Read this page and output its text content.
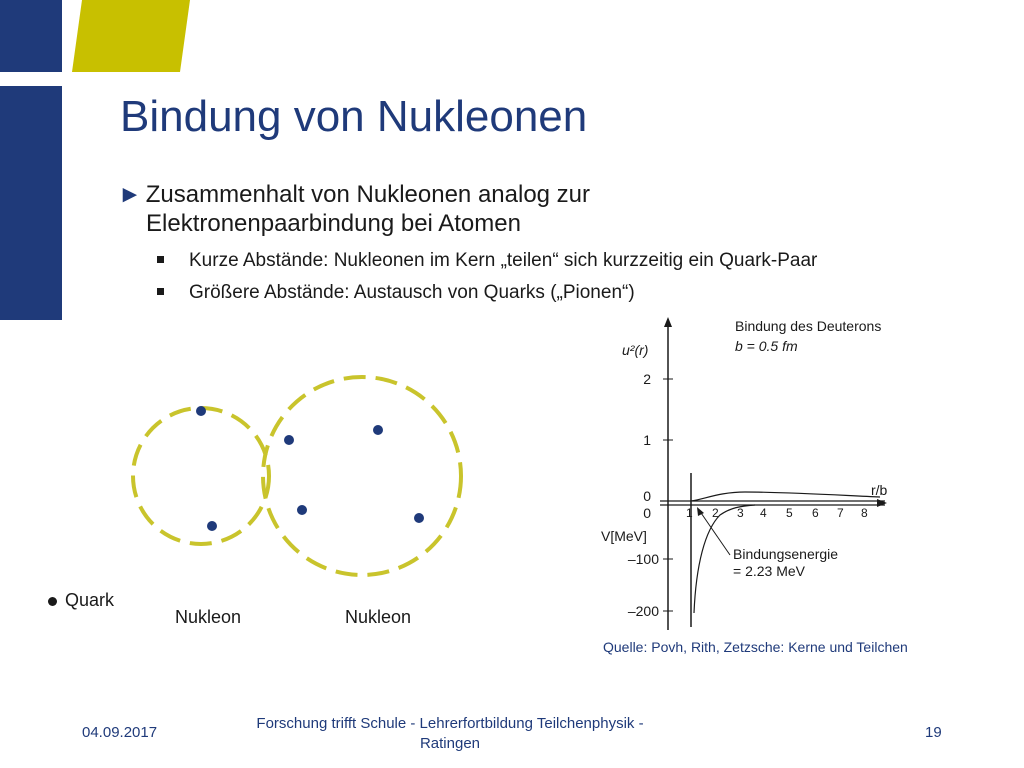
Bindung von Nukleonen
► Zusammenhalt von Nukleonen analog zur
Elektronenpaarbindung bei Atomen
Kurze Abstände: Nukleonen im Kern „teilen“ sich kurzzeitig ein Quark-Paar
Größere Abstände: Austausch von Quarks („Pionen“)
Quark
Nukleon	Nukleon
Bindung des Deuterons
b = 0.5 fm
u²(r)
V[MeV]
r/b
2
1
0
0
–100
–200
1 2 3 4 5 6 7 8
Bindungsenergie
= 2.23 MeV
Quelle: Povh, Rith, Zetzsche: Kerne und Teilchen
04.09.2017
Forschung trifft Schule - Lehrerfortbildung Teilchenphysik -
Ratingen
19
